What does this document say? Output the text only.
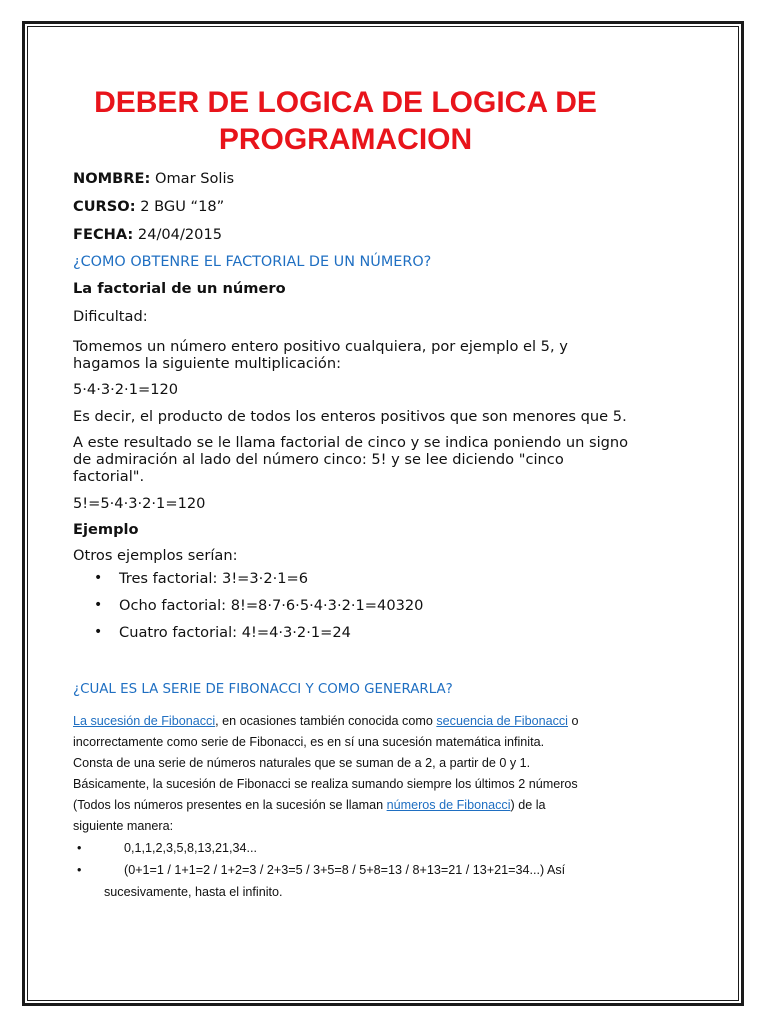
DEBER DE LOGICA DE LOGICA DE PROGRAMACION

NOMBRE: Omar Solis

CURSO: 2 BGU “18”

FECHA: 24/04/2015

¿COMO OBTENRE EL FACTORIAL DE UN NÚMERO?

La factorial de un número

Dificultad:

Tomemos un número entero positivo cualquiera, por ejemplo el 5, y

hagamos la siguiente multiplicación:

5·4·3·2·1=120

Es decir, el producto de todos los enteros positivos que son menores que 5.

A este resultado se le llama factorial de cinco y se indica poniendo un signo

de admiración al lado del número cinco: 5! y se lee diciendo "cinco

factorial".

5!=5·4·3·2·1=120

Ejemplo

Otros ejemplos serían:

• Tres factorial: 3!=3·2·1=6
• Ocho factorial: 8!=8·7·6·5·4·3·2·1=40320
• Cuatro factorial: 4!=4·3·2·1=24

¿CUAL ES LA SERIE DE FIBONACCI Y COMO GENERARLA?

La sucesión de Fibonacci, en ocasiones también conocida como secuencia de Fibonacci o
incorrectamente como serie de Fibonacci, es en sí una sucesión matemática infinita.
Consta de una serie de números naturales que se suman de a 2, a partir de 0 y 1.
Básicamente, la sucesión de Fibonacci se realiza sumando siempre los últimos 2 números
(Todos los números presentes en la sucesión se llaman números de Fibonacci) de la
siguiente manera:
•	0,1,1,2,3,5,8,13,21,34...
•	(0+1=1 / 1+1=2 / 1+2=3 / 2+3=5 / 3+5=8 / 5+8=13 / 8+13=21 / 13+21=34...) Así
sucesivamente, hasta el infinito.
